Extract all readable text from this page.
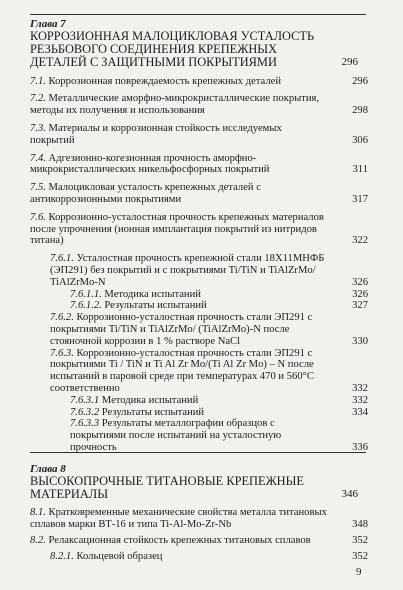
Глава 7
КОРРОЗИОННАЯ МАЛОЦИКЛОВАЯ УСТАЛОСТЬ РЕЗЬБОВОГО СОЕДИНЕНИЯ КРЕПЕЖНЫХ ДЕТАЛЕЙ С ЗАЩИТНЫМИ ПОКРЫТИЯМИ	296
7.1. Коррозионная повреждаемость крепежных деталей	296
7.2. Металлические аморфно-микрокристаллические покрытия, методы их получения и использования	298
7.3. Материалы и коррозионная стойкость исследуемых покрытий	306
7.4. Адгезионно-когезионная прочность аморфно-микрокристаллических никельфосфорных покрытий	311
7.5. Малоцикловая усталость крепежных деталей с антикоррозионными покрытиями	317
7.6. Коррозионно-усталостная прочность крепежных материалов после упрочнения (ионная имплантация покрытий из нитридов титана)	322
7.6.1. Усталостная прочность крепежной стали 18Х11МНФБ (ЭП291) без покрытий и с покрытиями Ti/TiN и TiAlZrMo/ TiAlZrMo-N	326
7.6.1.1. Методика испытаний	326
7.6.1.2. Результаты испытаний	327
7.6.2. Коррозионно-усталостная прочность стали ЭП291 с покрытиями Ti/TiN и TiAlZrMo/ (TiAlZrMo)-N после стояночной коррозии в 1 % растворе NaCl	330
7.6.3. Коррозионно-усталостная прочность стали ЭП291 с покрытиями Ti / TiN и Ti Al Zr Mo/(Ti Al Zr Mo) – N после испытаний в паровой среде при температурах 470 и 560°С соответственно	332
7.6.3.1 Методика испытаний	332
7.6.3.2 Результаты испытаний	334
7.6.3.3 Результаты металлографии образцов с покрытиями после испытаний на усталостную прочность	336
Глава 8
ВЫСОКОПРОЧНЫЕ ТИТАНОВЫЕ КРЕПЕЖНЫЕ МАТЕРИАЛЫ	346
8.1. Кратковременные механические свойства металла титановых сплавов марки ВТ-16 и типа Ti-Al-Mo-Zr-Nb	348
8.2. Релаксационная стойкость крепежных титановых сплавов	352
8.2.1. Кольцевой образец	352
9
